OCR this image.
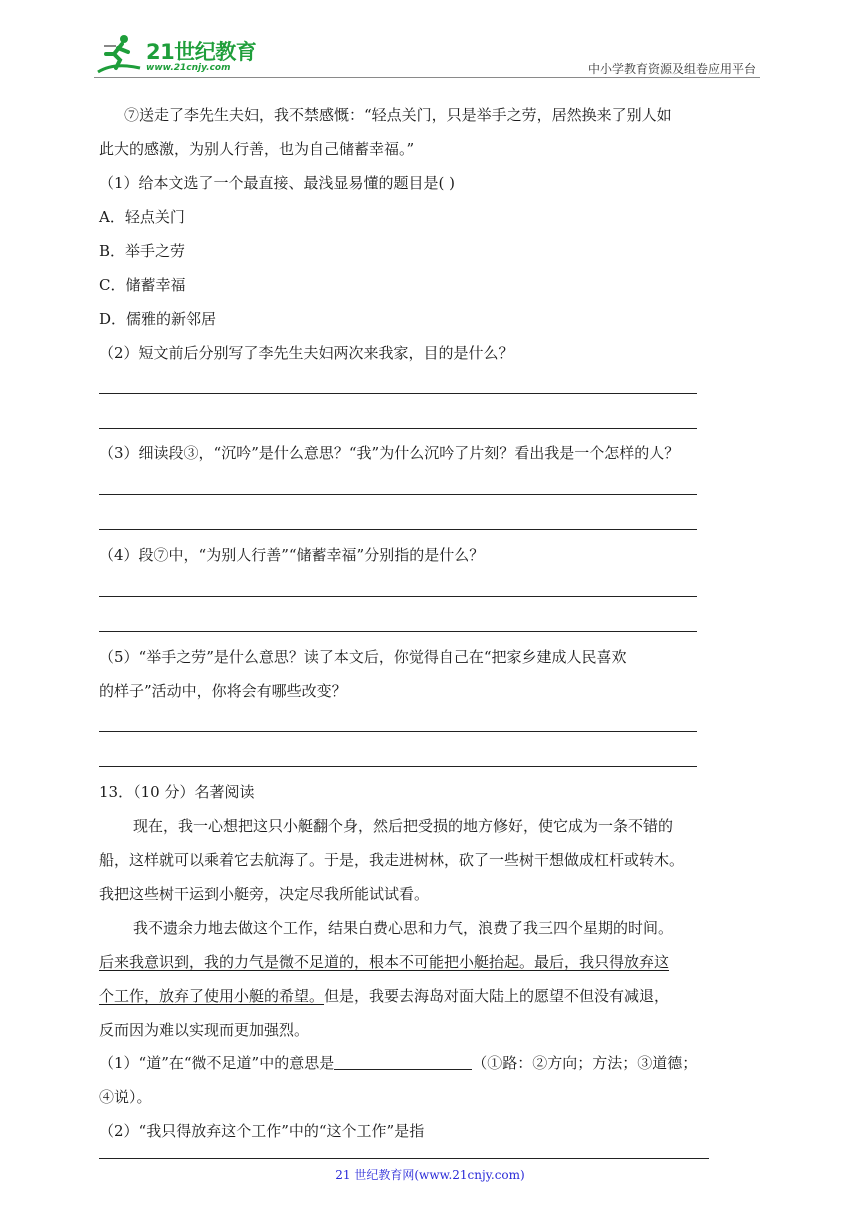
21世纪教育
www.21cnjy.com	中小学教育资源及组卷应用平台
⑦送走了李先生夫妇，我不禁感慨：“轻点关门，只是举手之劳，居然换来了别人如
此大的感激，为别人行善，也为自己储蓄幸福。”
（1）给本文选了一个最直接、最浅显易懂的题目是( )
A．轻点关门
B．举手之劳
C．储蓄幸福
D．儒雅的新邻居
（2）短文前后分别写了李先生夫妇两次来我家，目的是什么？
（3）细读段③，“沉吟”是什么意思？“我”为什么沉吟了片刻？看出我是一个怎样的人？
（4）段⑦中，“为别人行善”“储蓄幸福”分别指的是什么？
（5）“举手之劳”是什么意思？读了本文后，你觉得自己在“把家乡建成人民喜欢
的样子”活动中，你将会有哪些改变？
13．（10 分）名著阅读
现在，我一心想把这只小艇翻个身，然后把受损的地方修好，使它成为一条不错的
船，这样就可以乘着它去航海了。于是，我走进树林，砍了一些树干想做成杠杆或转木。
我把这些树干运到小艇旁，决定尽我所能试试看。
我不遗余力地去做这个工作，结果白费心思和力气，浪费了我三四个星期的时间。
后来我意识到，我的力气是微不足道的，根本不可能把小艇抬起。最后，我只得放弃这
个工作，放弃了使用小艇的希望。但是，我要去海岛对面大陆上的愿望不但没有减退，
反而因为难以实现而更加强烈。
（1）“道”在“微不足道”中的意思是	（①路：②方向；方法；③道德；
④说）。
（2）“我只得放弃这个工作”中的“这个工作”是指
21 世纪教育网(www.21cnjy.com)
